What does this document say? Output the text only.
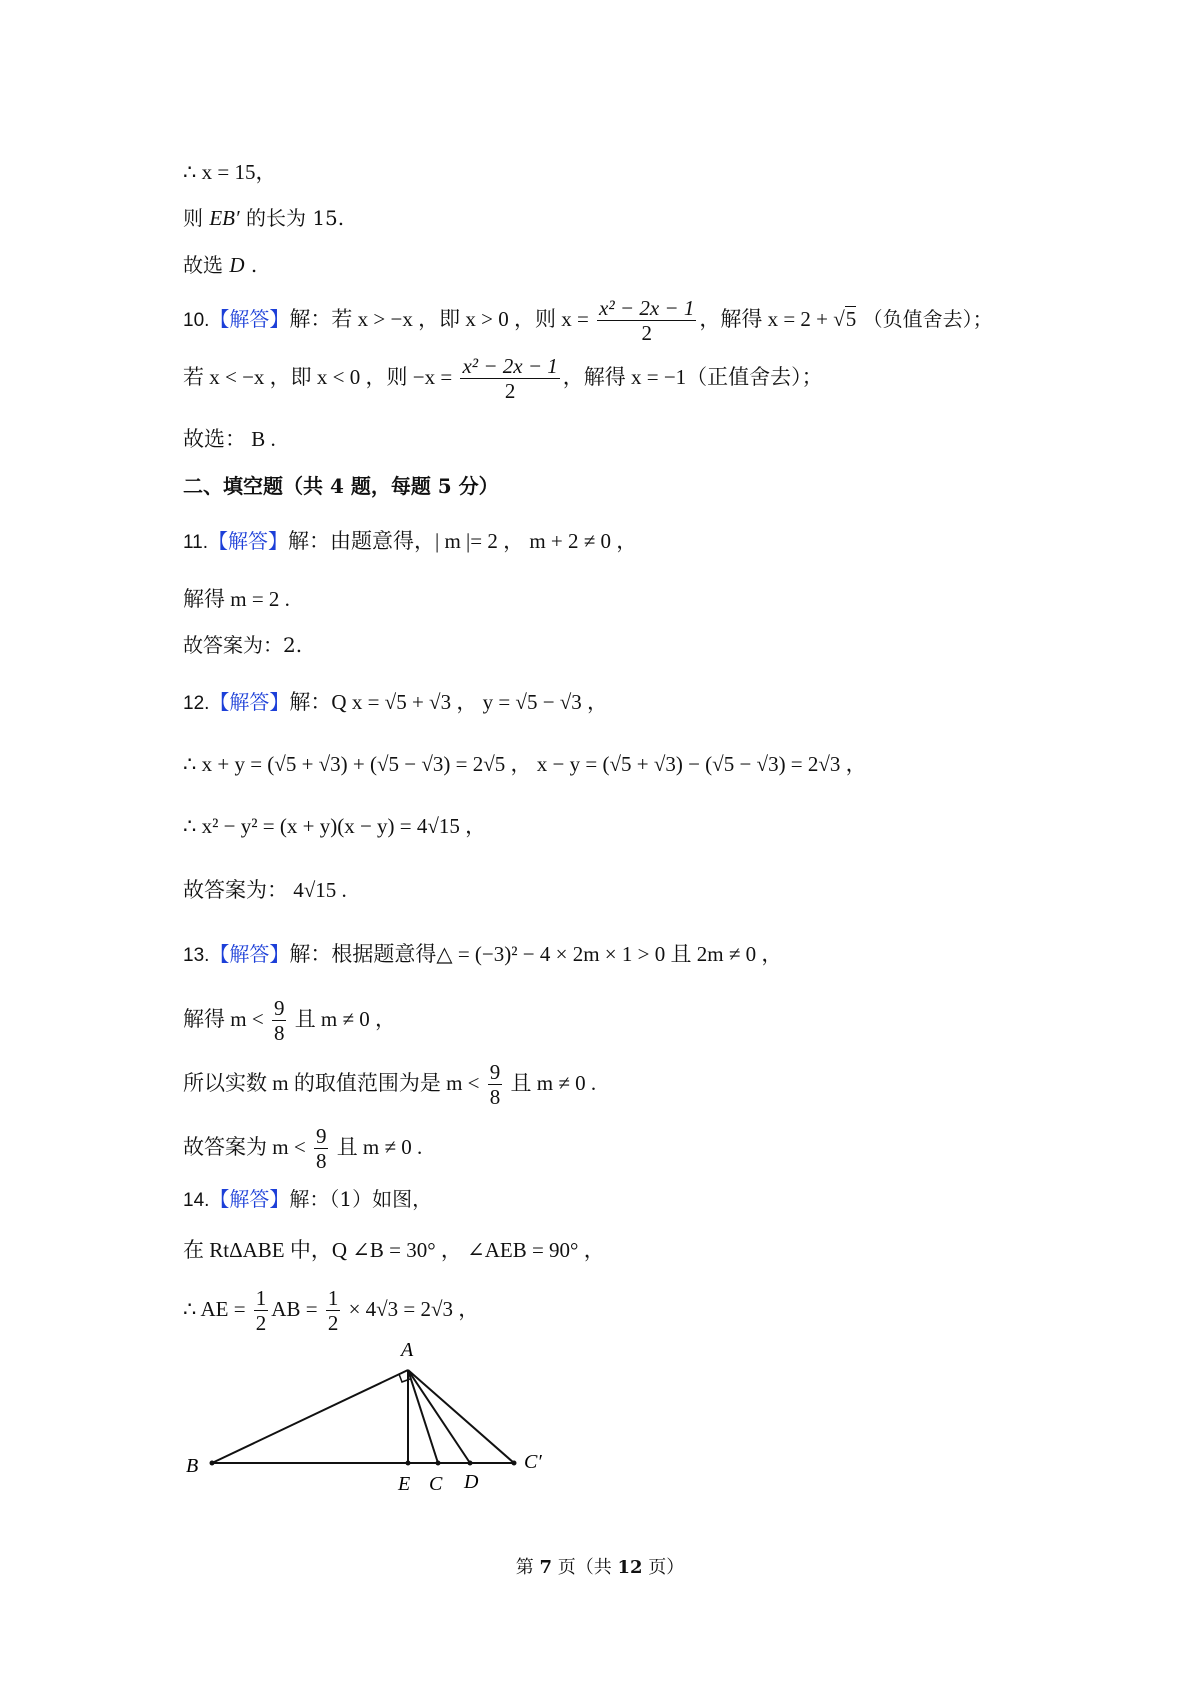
∴ x = 15，
则 EB′ 的长为 15.
故选 D .
10.【解答】解：若 x > −x ，即 x > 0 ，则 $x = \frac{\text{x² − 2x − 1}}{2}$ ，解得 x = 2 + √5 （负值舍去）；
若 x < −x ，即 x < 0 ，则 $-x = \frac{\text{x² − 2x − 1}}{2}$ ，解得 x = −1（正值舍去）；
故选： B .
二、填空题（共 4 题，每题 5 分）
11.【解答】解：由题意得，| m |= 2 ， m + 2 ≠ 0 ，
解得 m = 2 .
故答案为：2.
12.【解答】解：Q x = √5 + √3 ， y = √5 − √3 ，
∴ x + y = (√5 + √3) + (√5 − √3) = 2√5 ， x − y = (√5 + √3) − (√5 − √3) = 2√3 ，
∴ x² − y² = (x + y)(x − y) = 4√15 ，
故答案为： 4√15 .
13.【解答】解：根据题意得△ = (−3)² − 4 × 2m × 1 > 0 且 2m ≠ 0 ，
解得 $m < \frac{9}{8}$ 且 m ≠ 0 ，
所以实数 m 的取值范围为是 $m < \frac{9}{8}$ 且 m ≠ 0 .
故答案为 $m < \frac{9}{8}$ 且 m ≠ 0 .
14.【解答】解：（1）如图，
在 RtΔABE 中，Q ∠B = 30° ， ∠AEB = 90° ，
∴ AE = $\frac{1}{2}$ AB = $\frac{1}{2} \times 4√3 = 2√3$ ，
A
B
E C D
C′
第 7 页（共 12 页）
